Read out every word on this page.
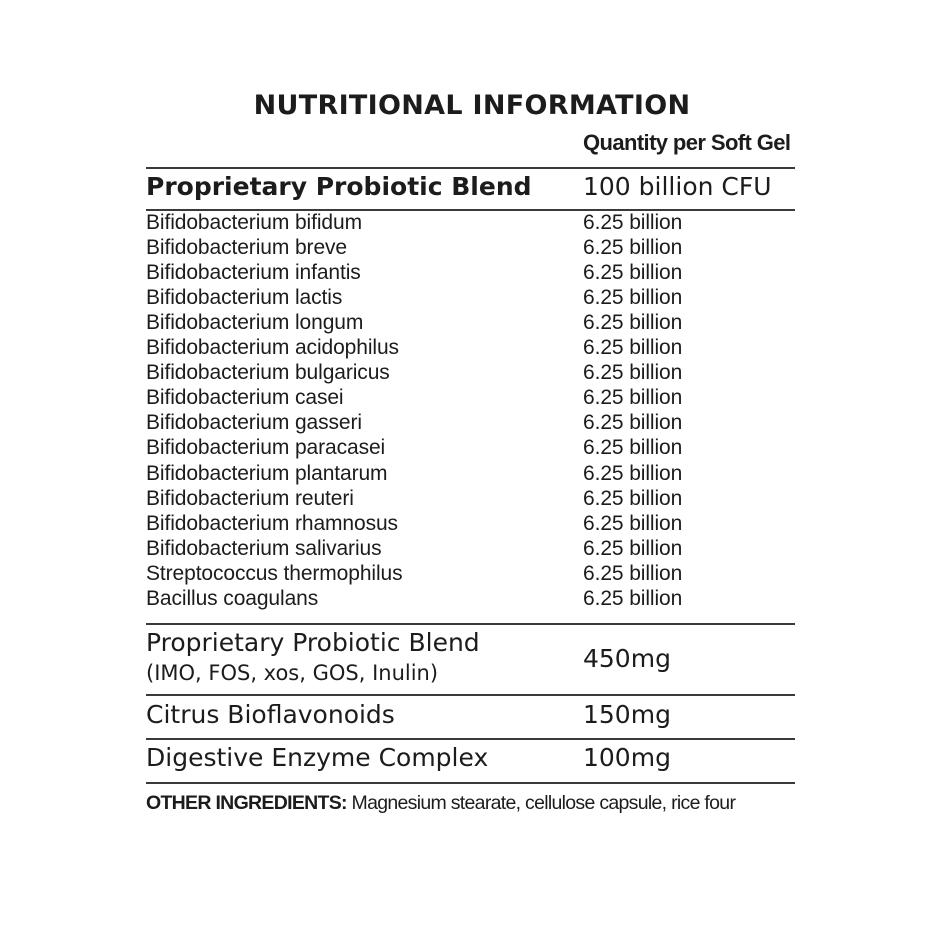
NUTRITIONAL INFORMATION
Quantity per Soft Gel
Proprietary Probiotic Blend 100 billion CFU
Bifidobacterium bifidum	6.25 billion
Bifidobacterium breve	6.25 billion
Bifidobacterium infantis	6.25 billion
Bifidobacterium lactis	6.25 billion
Bifidobacterium longum	6.25 billion
Bifidobacterium acidophilus	6.25 billion
Bifidobacterium bulgaricus	6.25 billion
Bifidobacterium casei	6.25 billion
Bifidobacterium gasseri	6.25 billion
Bifidobacterium paracasei	6.25 billion
Bifidobacterium plantarum	6.25 billion
Bifidobacterium reuteri	6.25 billion
Bifidobacterium rhamnosus	6.25 billion
Bifidobacterium salivarius	6.25 billion
Streptococcus thermophilus	6.25 billion
Bacillus coagulans	6.25 billion
Proprietary Probiotic Blend
(IMO, FOS, xos, GOS, Inulin)	450mg
Citrus Bioflavonoids	150mg
Digestive Enzyme Complex	100mg
OTHER INGREDIENTS: Magnesium stearate, cellulose capsule, rice four
